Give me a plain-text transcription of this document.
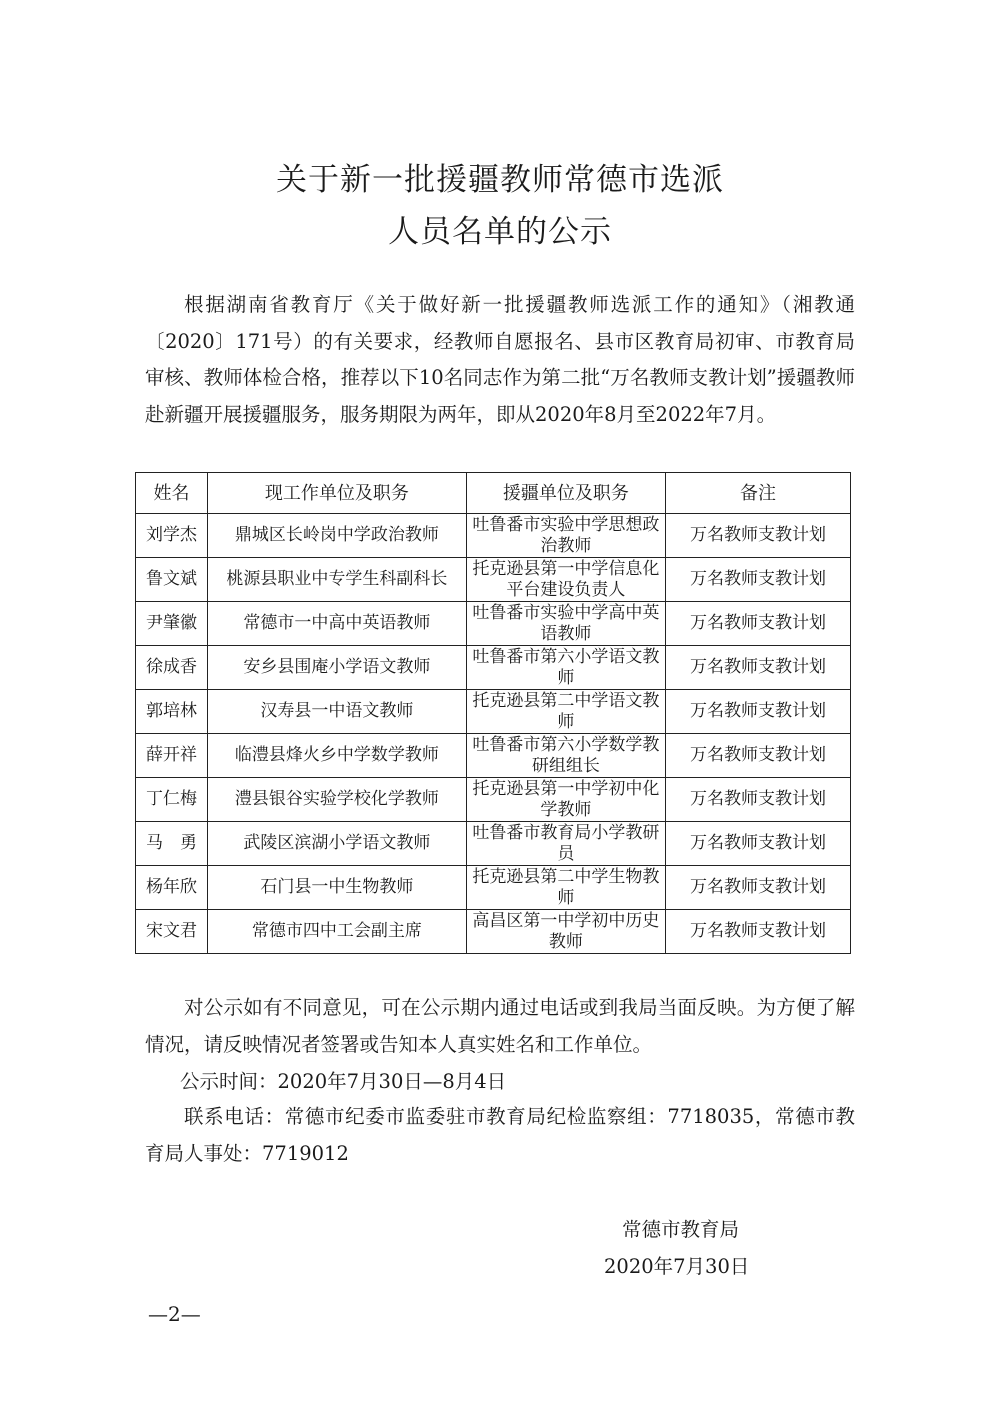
关于新一批援疆教师常德市选派
人员名单的公示

根据湖南省教育厅《关于做好新一批援疆教师选派工作的通知》（湘教通〔2020〕171号）的有关要求，经教师自愿报名、县市区教育局初审、市教育局审核、教师体检合格，推荐以下10名同志作为第二批“万名教师支教计划”援疆教师赴新疆开展援疆服务，服务期限为两年，即从2020年8月至2022年7月。

姓名	现工作单位及职务	援疆单位及职务	备注
刘学杰	鼎城区长岭岗中学政治教师	吐鲁番市实验中学思想政治教师	万名教师支教计划
鲁文斌	桃源县职业中专学生科副科长	托克逊县第一中学信息化平台建设负责人	万名教师支教计划
尹肇徽	常德市一中高中英语教师	吐鲁番市实验中学高中英语教师	万名教师支教计划
徐成香	安乡县围庵小学语文教师	吐鲁番市第六小学语文教师	万名教师支教计划
郭培林	汉寿县一中语文教师	托克逊县第二中学语文教师	万名教师支教计划
薛开祥	临澧县烽火乡中学数学教师	吐鲁番市第六小学数学教研组组长	万名教师支教计划
丁仁梅	澧县银谷实验学校化学教师	托克逊县第一中学初中化学教师	万名教师支教计划
马　勇	武陵区滨湖小学语文教师	吐鲁番市教育局小学教研员	万名教师支教计划
杨年欣	石门县一中生物教师	托克逊县第二中学生物教师	万名教师支教计划
宋文君	常德市四中工会副主席	高昌区第一中学初中历史教师	万名教师支教计划

对公示如有不同意见，可在公示期内通过电话或到我局当面反映。为方便了解情况，请反映情况者签署或告知本人真实姓名和工作单位。

公示时间：2020年7月30日—8月4日

联系电话：常德市纪委市监委驻市教育局纪检监察组：7718035，常德市教育局人事处：7719012

常德市教育局
2020年7月30日
—2—
